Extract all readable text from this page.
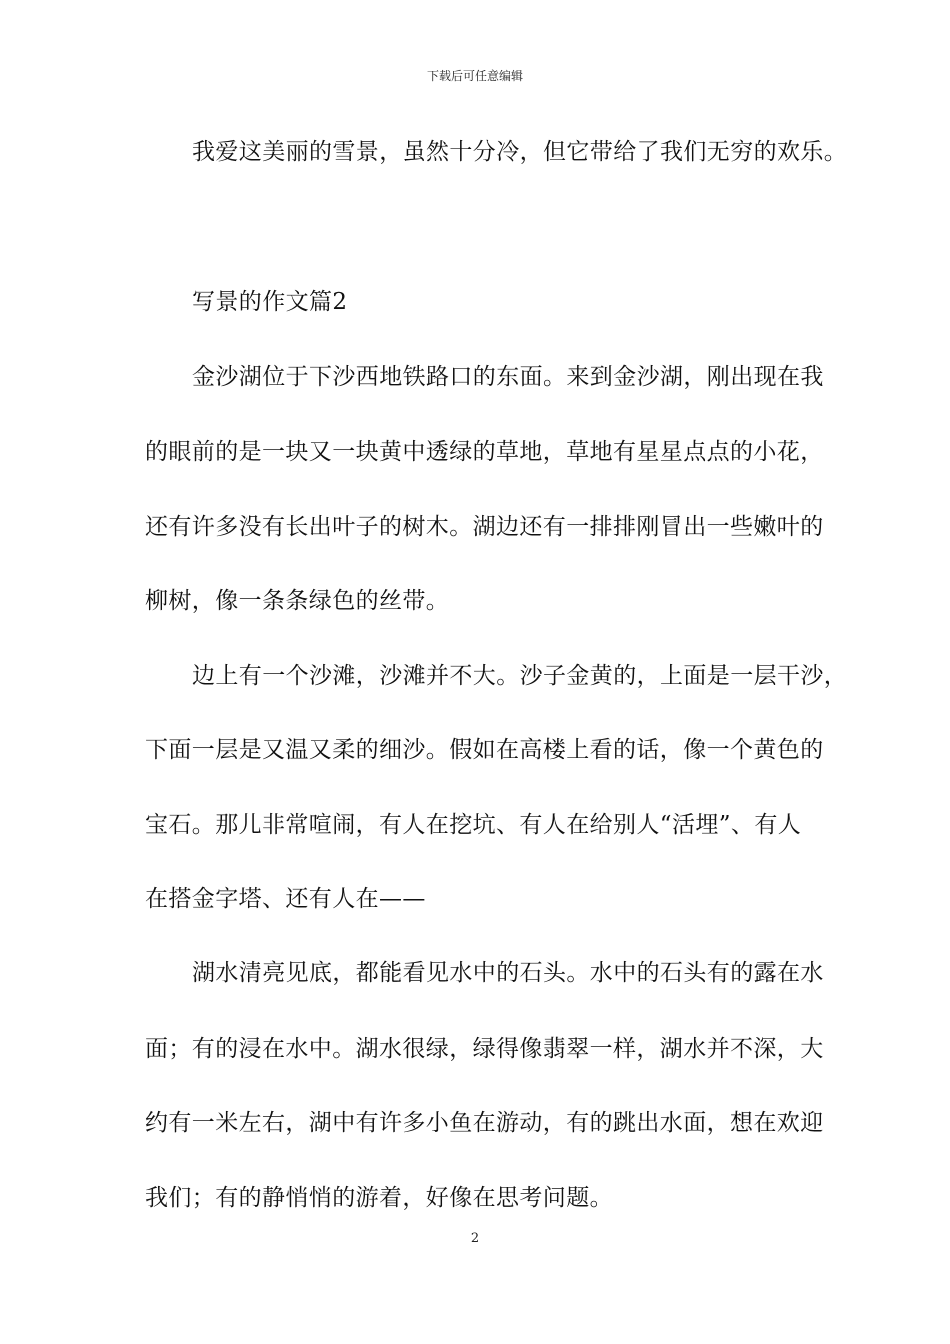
下载后可任意编辑
我爱这美丽的雪景，虽然十分冷，但它带给了我们无穷的欢乐。
写景的作文篇2
金沙湖位于下沙西地铁路口的东面。来到金沙湖，刚出现在我
的眼前的是一块又一块黄中透绿的草地，草地有星星点点的小花，
还有许多没有长出叶子的树木。湖边还有一排排刚冒出一些嫩叶的
柳树，像一条条绿色的丝带。
边上有一个沙滩，沙滩并不大。沙子金黄的，上面是一层干沙，
下面一层是又温又柔的细沙。假如在高楼上看的话，像一个黄色的
宝石。那儿非常喧闹，有人在挖坑、有人在给别人“活埋”、有人
在搭金字塔、还有人在——
湖水清亮见底，都能看见水中的石头。水中的石头有的露在水
面；有的浸在水中。湖水很绿，绿得像翡翠一样，湖水并不深，大
约有一米左右，湖中有许多小鱼在游动，有的跳出水面，想在欢迎
我们；有的静悄悄的游着，好像在思考问题。
2
